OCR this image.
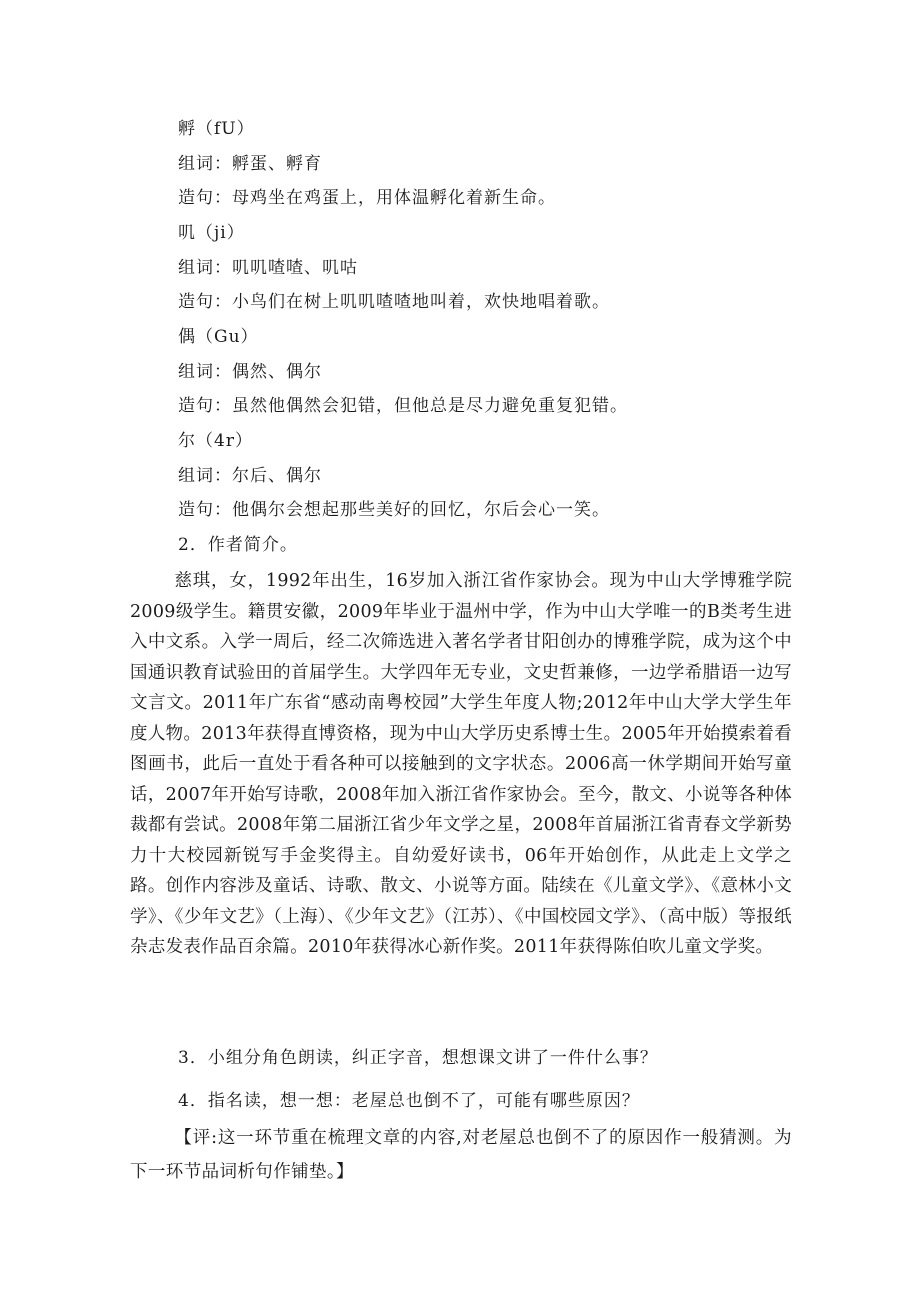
孵（fU）
组词：孵蛋、孵育
造句：母鸡坐在鸡蛋上，用体温孵化着新生命。
叽（ji）
组词：叽叽喳喳、叽咕
造句：小鸟们在树上叽叽喳喳地叫着，欢快地唱着歌。
偶（Gu）
组词：偶然、偶尔
造句：虽然他偶然会犯错，但他总是尽力避免重复犯错。
尔（4r）
组词：尔后、偶尔
造句：他偶尔会想起那些美好的回忆，尔后会心一笑。
2．作者简介。
慈琪，女，1992年出生，16岁加入浙江省作家协会。现为中山大学博雅学院2009级学生。籍贯安徽，2009年毕业于温州中学，作为中山大学唯一的B类考生进入中文系。入学一周后，经二次筛选进入著名学者甘阳创办的博雅学院，成为这个中国通识教育试验田的首届学生。大学四年无专业，文史哲兼修，一边学希腊语一边写文言文。2011年广东省“感动南粤校园”大学生年度人物;2012年中山大学大学生年度人物。2013年获得直博资格，现为中山大学历史系博士生。2005年开始摸索着看图画书，此后一直处于看各种可以接触到的文字状态。2006高一休学期间开始写童话，2007年开始写诗歌，2008年加入浙江省作家协会。至今，散文、小说等各种体裁都有尝试。2008年第二届浙江省少年文学之星，2008年首届浙江省青春文学新势力十大校园新锐写手金奖得主。自幼爱好读书，06年开始创作，从此走上文学之路。创作内容涉及童话、诗歌、散文、小说等方面。陆续在《儿童文学》、《意林小文学》、《少年文艺》（上海）、《少年文艺》（江苏）、《中国校园文学》、（高中版）等报纸杂志发表作品百余篇。2010年获得冰心新作奖。2011年获得陈伯吹儿童文学奖。
3．小组分角色朗读，纠正字音，想想课文讲了一件什么事？
4．指名读，想一想：老屋总也倒不了，可能有哪些原因？
【评:这一环节重在梳理文章的内容,对老屋总也倒不了的原因作一般猜测。为下一环节品词析句作铺垫。】
